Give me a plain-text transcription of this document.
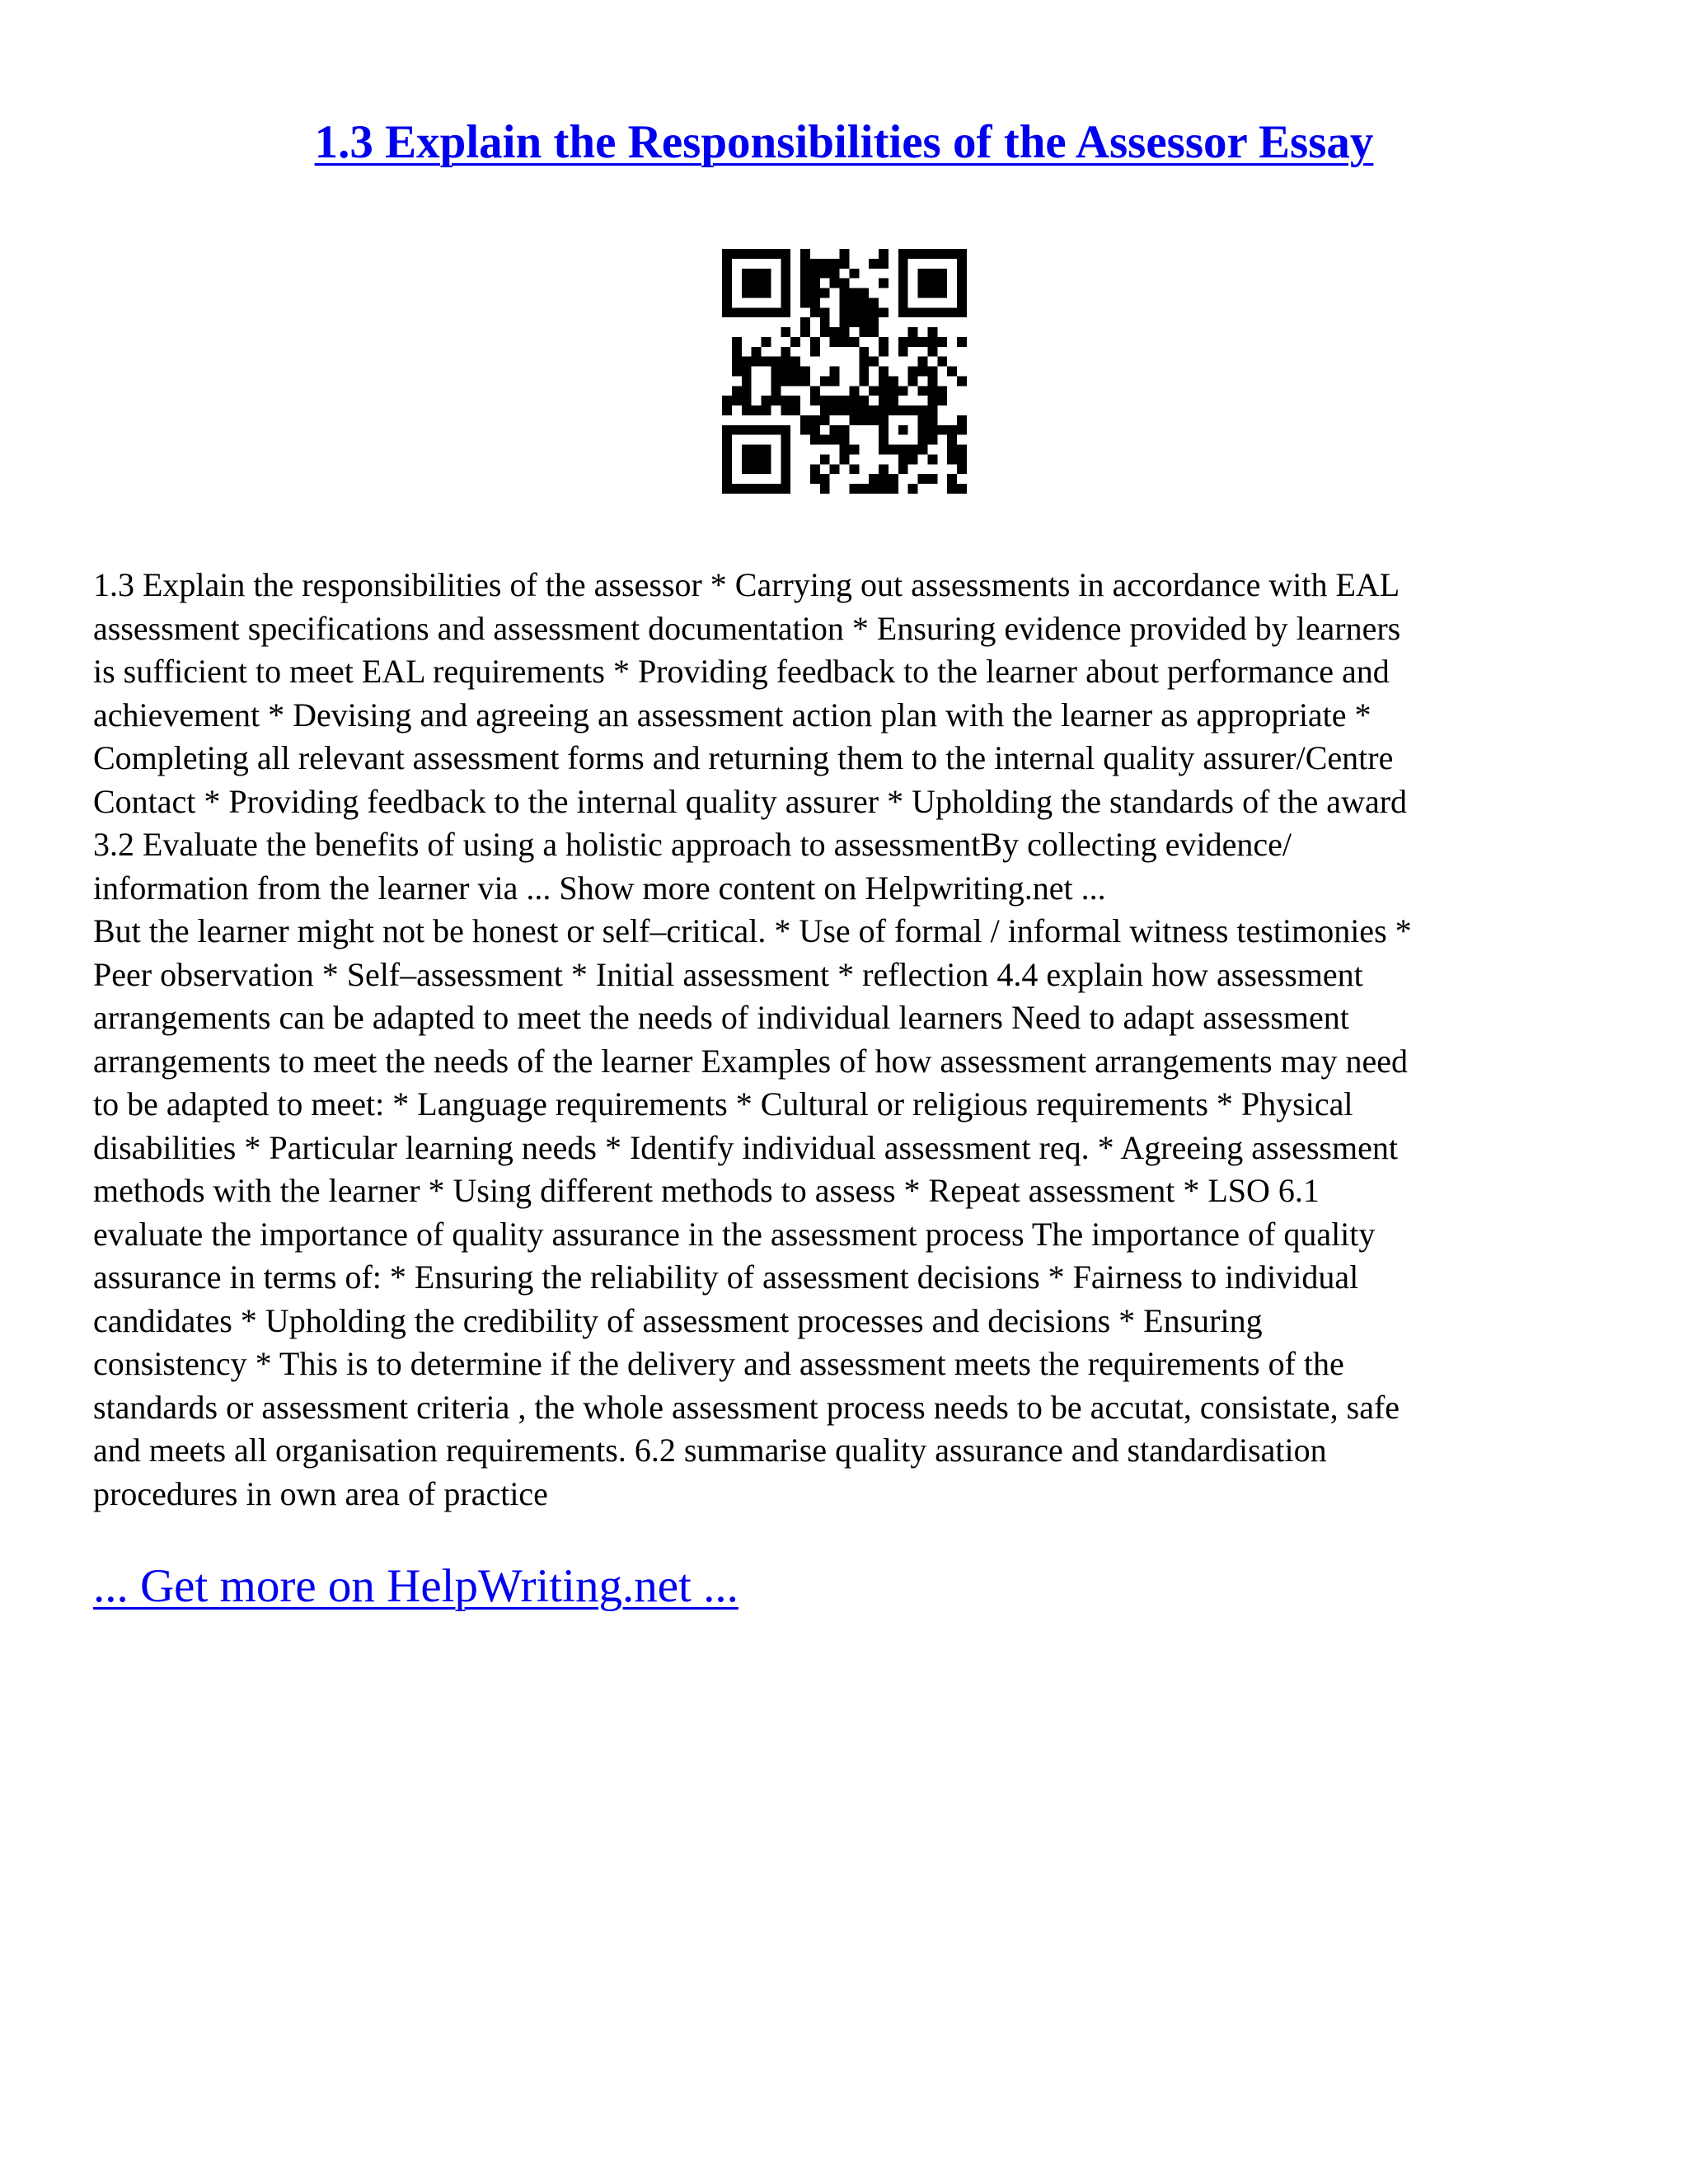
1.3 Explain the Responsibilities of the Assessor Essay
1.3 Explain the responsibilities of the assessor * Carrying out assessments in accordance with EAL
assessment specifications and assessment documentation * Ensuring evidence provided by learners
is sufficient to meet EAL requirements * Providing feedback to the learner about performance and
achievement * Devising and agreeing an assessment action plan with the learner as appropriate *
Completing all relevant assessment forms and returning them to the internal quality assurer/Centre
Contact * Providing feedback to the internal quality assurer * Upholding the standards of the award
3.2 Evaluate the benefits of using a holistic approach to assessmentBy collecting evidence/
information from the learner via ... Show more content on Helpwriting.net ...
But the learner might not be honest or self–critical. * Use of formal / informal witness testimonies *
Peer observation * Self–assessment * Initial assessment * reflection 4.4 explain how assessment
arrangements can be adapted to meet the needs of individual learners Need to adapt assessment
arrangements to meet the needs of the learner Examples of how assessment arrangements may need
to be adapted to meet: * Language requirements * Cultural or religious requirements * Physical
disabilities * Particular learning needs * Identify individual assessment req. * Agreeing assessment
methods with the learner * Using different methods to assess * Repeat assessment * LSO 6.1
evaluate the importance of quality assurance in the assessment process The importance of quality
assurance in terms of: * Ensuring the reliability of assessment decisions * Fairness to individual
candidates * Upholding the credibility of assessment processes and decisions * Ensuring
consistency * This is to determine if the delivery and assessment meets the requirements of the
standards or assessment criteria , the whole assessment process needs to be accutat, consistate, safe
and meets all organisation requirements. 6.2 summarise quality assurance and standardisation
procedures in own area of practice
... Get more on HelpWriting.net ...
